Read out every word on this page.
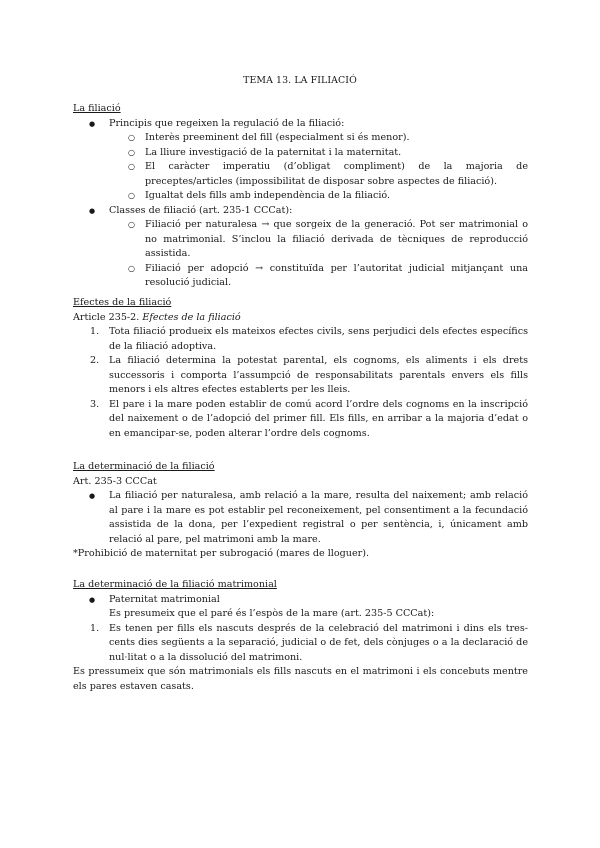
TEMA 13. LA FILIACIÓ
La filiació
● Principis que regeixen la regulació de la filiació:
○ Interès preeminent del fill (especialment si és menor).
○ La lliure investigació de la paternitat i la maternitat.
○ El caràcter imperatiu (d’obligat compliment) de la majoria de preceptes/articles (impossibilitat de disposar sobre aspectes de filiació).
○ Igualtat dels fills amb independència de la filiació.
● Classes de filiació (art. 235-1 CCCat):
○ Filiació per naturalesa → que sorgeix de la generació. Pot ser matrimonial o no matrimonial. S’inclou la filiació derivada de tècniques de reproducció assistida.
○ Filiació per adopció → constituïda per l’autoritat judicial mitjançant una resolució judicial.
Efectes de la filiació
Article 235-2. Efectes de la filiació
1. Tota filiació produeix els mateixos efectes civils, sens perjudici dels efectes específics de la filiació adoptiva.
2. La filiació determina la potestat parental, els cognoms, els aliments i els drets successoris i comporta l’assumpció de responsabilitats parentals envers els fills menors i els altres efectes establerts per les lleis.
3. El pare i la mare poden establir de comú acord l’ordre dels cognoms en la inscripció del naixement o de l’adopció del primer fill. Els fills, en arribar a la majoria d’edat o en emancipar-se, poden alterar l’ordre dels cognoms.
La determinació de la filiació
Art. 235-3 CCCat
● La filiació per naturalesa, amb relació a la mare, resulta del naixement; amb relació al pare i la mare es pot establir pel reconeixement, pel consentiment a la fecundació assistida de la dona, per l’expedient registral o per sentència, i, únicament amb relació al pare, pel matrimoni amb la mare.
*Prohibició de maternitat per subrogació (mares de lloguer).
La determinació de la filiació matrimonial
● Paternitat matrimonial
Es presumeix que el paré és l’espòs de la mare (art. 235-5 CCCat):
1. Es tenen per fills els nascuts després de la celebració del matrimoni i dins els tres-cents dies següents a la separació, judicial o de fet, dels cònjuges o a la declaració de nul·litat o a la dissolució del matrimoni.
Es pressumeix que són matrimonials els fills nascuts en el matrimoni i els concebuts mentre els pares estaven casats.
